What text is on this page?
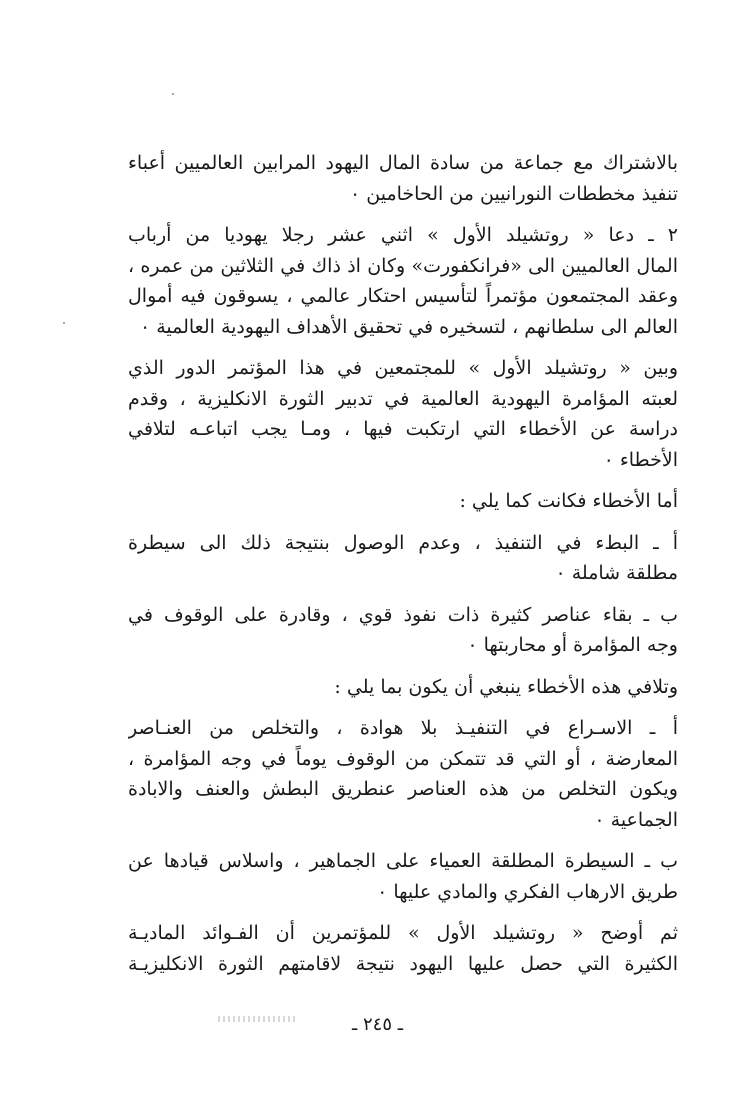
بالاشتراك مع جماعة من سادة المال اليهود المرابين العالميين أعباء
تنفيذ مخططات النورانيين من الحاخامين ٠
٢ ـ دعا « روتشيلد الأول » اثني عشر رجلا يهوديا من أرباب
المال العالميين الى «فرانكفورت» وكان اذ ذاك في الثلاثين من عمره ،
وعقد المجتمعون مؤتمراً لتأسيس احتكار عالمي ، يسوقون فيه أموال
العالم الى سلطانهم ، لتسخيره في تحقيق الأهداف اليهودية العالمية ٠
وبين « روتشيلد الأول » للمجتمعين في هذا المؤتمر الدور الذي
لعبته المؤامرة اليهودية العالمية في تدبير الثورة الانكليزية ، وقدم
دراسة عن الأخطاء التي ارتكبت فيها ، ومـا يجب اتباعـه لتلافي
الأخطاء ٠
أما الأخطاء فكانت كما يلي :
أ ـ البطء في التنفيذ ، وعدم الوصول بنتيجة ذلك الى سيطرة
مطلقة شاملة ٠
ب ـ بقاء عناصر كثيرة ذات نفوذ قوي ، وقادرة على الوقوف في
وجه المؤامرة أو محاربتها ٠
وتلافي هذه الأخطاء ينبغي أن يكون بما يلي :
أ ـ الاسـراع في التنفيـذ بلا هوادة ، والتخلص من العنـاصر
المعارضة ، أو التي قد تتمكن من الوقوف يوماً في وجه المؤامرة ،
ويكون التخلص من هذه العناصر عنطريق البطش والعنف والابادة
الجماعية ٠
ب ـ السيطرة المطلقة العمياء على الجماهير ، واسلاس قيادها عن
طريق الارهاب الفكري والمادي عليها ٠
ثم أوضح « روتشيلد الأول » للمؤتمرين أن الفـوائد الماديـة
الكثيرة التي حصل عليها اليهود نتيجة لاقامتهم الثورة الانكليزيـة
ـ ٢٤٥ ـ
